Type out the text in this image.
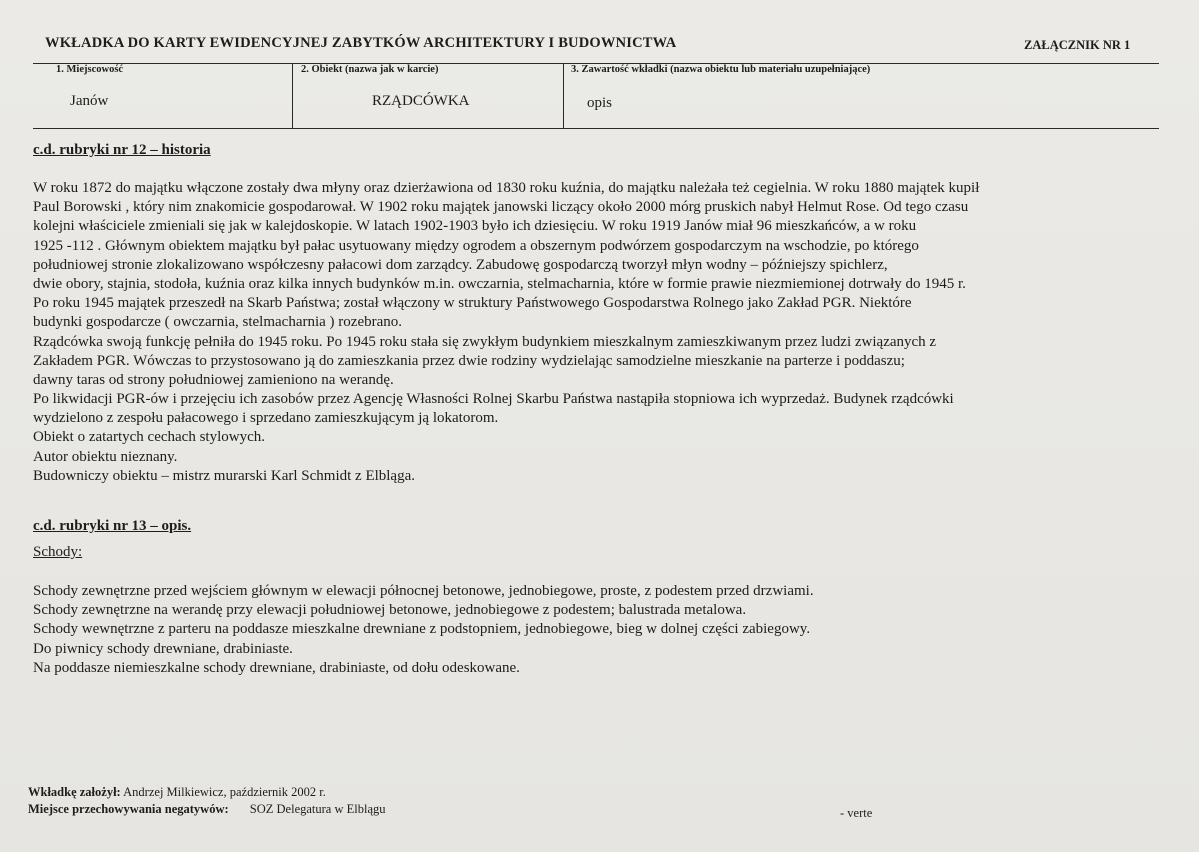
WKŁADKA DO KARTY EWIDENCYJNEJ ZABYTKÓW ARCHITEKTURY I BUDOWNICTWA	ZAŁĄCZNIK NR 1
1. Miejscowość	2. Obiekt (nazwa jak w karcie)	3. Zawartość wkładki (nazwa obiektu lub materiału uzupełniające)
Janów	RZĄDCÓWKA	opis
c.d. rubryki nr 12 – historia
W roku 1872 do majątku włączone zostały dwa młyny oraz dzierżawiona od 1830 roku kuźnia, do majątku należała też cegielnia. W roku 1880 majątek kupił
Paul Borowski , który nim znakomicie gospodarował. W 1902 roku majątek janowski liczący około 2000 mórg pruskich nabył Helmut Rose. Od tego czasu
kolejni właściciele zmieniali się jak w kalejdoskopie. W latach 1902-1903 było ich dziesięciu. W roku 1919 Janów miał 96 mieszkańców, a w roku
1925 -112 . Głównym obiektem majątku był pałac usytuowany między ogrodem a obszernym podwórzem gospodarczym na wschodzie, po którego
południowej stronie zlokalizowano współczesny pałacowi dom zarządcy. Zabudowę gospodarczą tworzył młyn wodny – późniejszy spichlerz,
dwie obory, stajnia, stodoła, kuźnia oraz kilka innych budynków m.in. owczarnia, stelmacharnia, które w formie prawie niezmiemionej dotrwały do 1945 r.
Po roku 1945 majątek przeszedł na Skarb Państwa; został włączony w struktury Państwowego Gospodarstwa Rolnego jako Zakład PGR. Niektóre
budynki gospodarcze ( owczarnia, stelmacharnia ) rozebrano.
Rządcówka swoją funkcję pełniła do 1945 roku. Po 1945 roku stała się zwykłym budynkiem mieszkalnym zamieszkiwanym przez ludzi związanych z
Zakładem PGR. Wówczas to przystosowano ją do zamieszkania przez dwie rodziny wydzielając samodzielne mieszkanie na parterze i poddaszu;
dawny taras od strony południowej zamieniono na werandę.
Po likwidacji PGR-ów i przejęciu ich zasobów przez Agencję Własności Rolnej Skarbu Państwa nastąpiła stopniowa ich wyprzedaż. Budynek rządcówki
wydzielono z zespołu pałacowego i sprzedano zamieszkującym ją lokatorom.
Obiekt o zatartych cechach stylowych.
Autor obiektu nieznany.
Budowniczy obiektu – mistrz murarski Karl Schmidt z Elbląga.
c.d. rubryki nr 13 – opis.
Schody:
Schody zewnętrzne przed wejściem głównym w elewacji północnej betonowe, jednobiegowe, proste, z podestem przed drzwiami.
Schody zewnętrzne na werandę przy elewacji południowej betonowe, jednobiegowe z podestem; balustrada metalowa.
Schody wewnętrzne z parteru na poddasze mieszkalne drewniane z podstopniem, jednobiegowe, bieg w dolnej części zabiegowy.
Do piwnicy schody drewniane, drabiniaste.
Na poddasze niemieszkalne schody drewniane, drabiniaste, od dołu odeskowane.
Wkładkę założył: Andrzej Milkiewicz, październik 2002 r.
Miejsce przechowywania negatywów: SOZ Delegatura w Elblągu	- verte
